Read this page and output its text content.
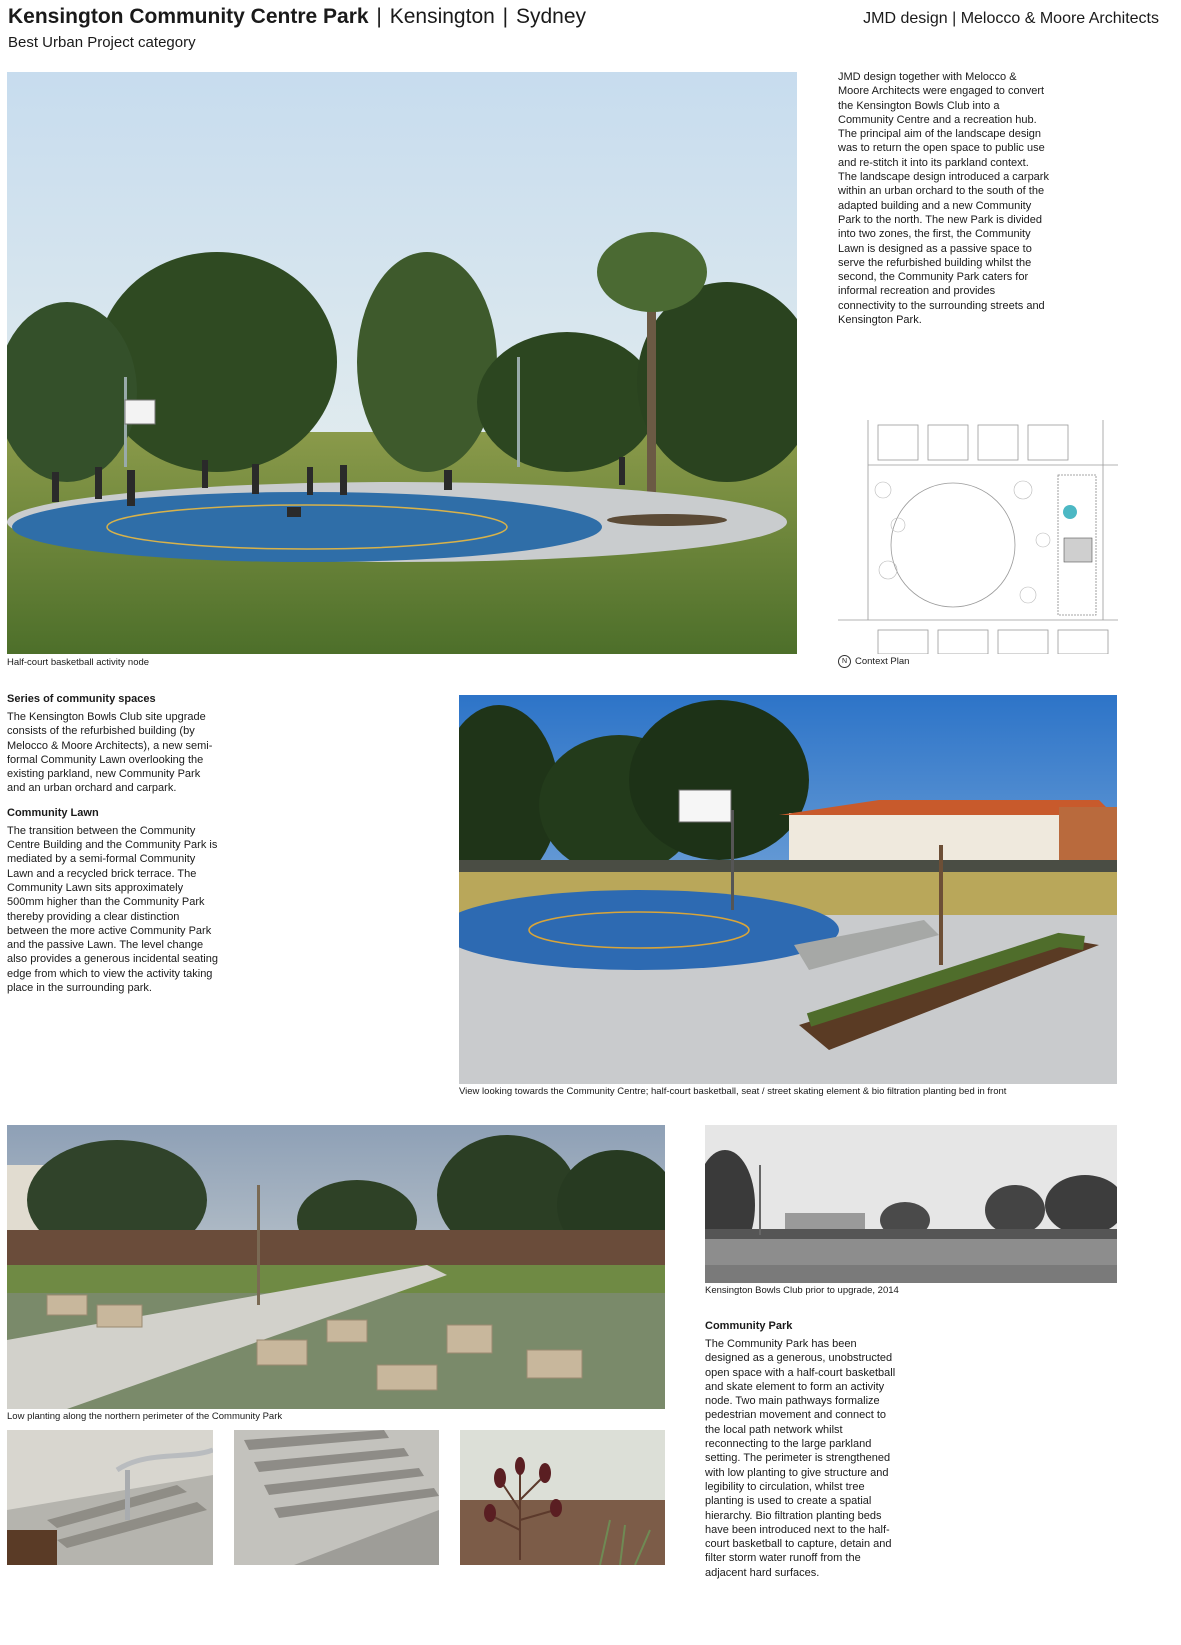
Kensington Community Centre Park | Kensington | Sydney
Best Urban Project category
JMD design | Melocco & Moore Architects
Half-court basketball activity node
JMD design together with Melocco & Moore Architects were engaged to convert the Kensington Bowls Club into a Community Centre and a recreation hub. The principal aim of the landscape design was to return the open space to public use and re-stitch it into its parkland context. The landscape design introduced a carpark within an urban orchard to the south of the adapted building and a new Community Park to the north. The new Park is divided into two zones, the first, the Community Lawn is designed as a passive space to serve the refurbished building whilst the second, the Community Park caters for informal recreation and provides connectivity to the surrounding streets and Kensington Park.
N Context Plan
Series of community spaces
The Kensington Bowls Club site upgrade consists of the refurbished building (by Melocco & Moore Architects), a new semi-formal Community Lawn overlooking the existing parkland, new Community Park and an urban orchard and carpark.
Community Lawn
The transition between the Community Centre Building and the Community Park is mediated by a semi-formal Community Lawn and a recycled brick terrace. The Community Lawn sits approximately 500mm higher than the Community Park thereby providing a clear distinction between the more active Community Park and the passive Lawn. The level change also provides a generous incidental seating edge from which to view the activity taking place in the surrounding park.
View looking towards the Community Centre; half-court basketball, seat / street skating element & bio filtration planting bed in front
Low planting along the northern perimeter of the Community Park
Kensington Bowls Club prior to upgrade, 2014
Community Park
The Community Park has been designed as a generous, unobstructed open space with a half-court basketball and skate element to form an activity node. Two main pathways formalize pedestrian movement and connect to the local path network whilst reconnecting to the large parkland setting. The perimeter is strengthened with low planting to give structure and legibility to circulation, whilst tree planting is used to create a spatial hierarchy. Bio filtration planting beds have been introduced next to the half-court basketball to capture, detain and filter storm water runoff from the adjacent hard surfaces.
